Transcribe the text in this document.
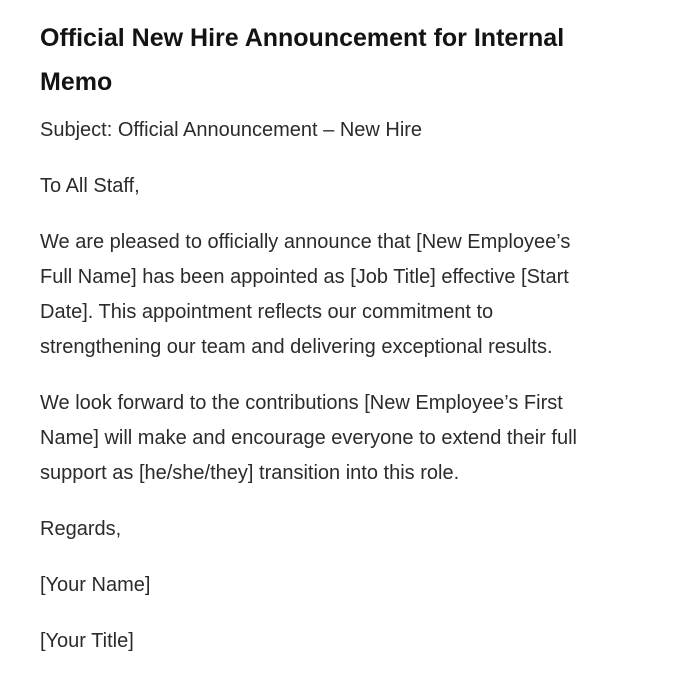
Official New Hire Announcement for Internal Memo

Subject: Official Announcement – New Hire

To All Staff,

We are pleased to officially announce that [New Employee’s Full Name] has been appointed as [Job Title] effective [Start Date]. This appointment reflects our commitment to strengthening our team and delivering exceptional results.

We look forward to the contributions [New Employee’s First Name] will make and encourage everyone to extend their full support as [he/she/they] transition into this role.

Regards,

[Your Name]

[Your Title]
